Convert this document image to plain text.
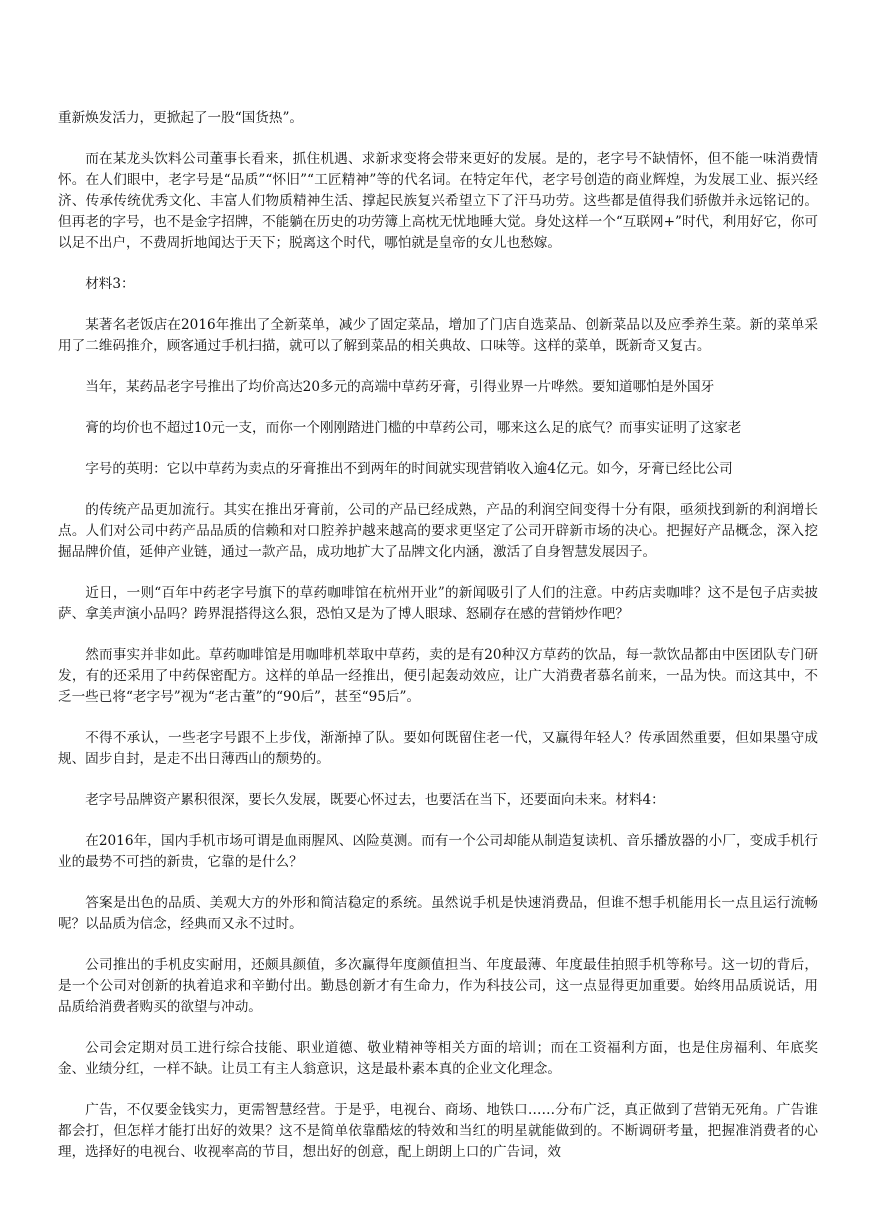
重新焕发活力，更掀起了一股“国货热”。

而在某龙头饮料公司董事长看来，抓住机遇、求新求变将会带来更好的发展。是的，老字号不缺情怀，但不能一味消费情怀。在人们眼中，老字号是“品质”“怀旧”“工匠精神”等的代名词。在特定年代，老字号创造的商业辉煌，为发展工业、振兴经济、传承传统优秀文化、丰富人们物质精神生活、撑起民族复兴希望立下了汗马功劳。这些都是值得我们骄傲并永远铭记的。但再老的字号，也不是金字招牌，不能躺在历史的功劳簿上高枕无忧地睡大觉。身处这样一个“互联网+”时代，利用好它，你可以足不出户，不费周折地闻达于天下；脱离这个时代，哪怕就是皇帝的女儿也愁嫁。

材料3：

某著名老饭店在2016年推出了全新菜单，减少了固定菜品，增加了门店自选菜品、创新菜品以及应季养生菜。新的菜单采用了二维码推介，顾客通过手机扫描，就可以了解到菜品的相关典故、口味等。这样的菜单，既新奇又复古。

当年，某药品老字号推出了均价高达20多元的高端中草药牙膏，引得业界一片哗然。要知道哪怕是外国牙

膏的均价也不超过10元一支，而你一个刚刚踏进门槛的中草药公司，哪来这么足的底气？而事实证明了这家老

字号的英明：它以中草药为卖点的牙膏推出不到两年的时间就实现营销收入逾4亿元。如今，牙膏已经比公司

的传统产品更加流行。其实在推出牙膏前，公司的产品已经成熟，产品的利润空间变得十分有限，亟须找到新的利润增长点。人们对公司中药产品品质的信赖和对口腔养护越来越高的要求更坚定了公司开辟新市场的决心。把握好产品概念，深入挖掘品牌价值，延伸产业链，通过一款产品，成功地扩大了品牌文化内涵，激活了自身智慧发展因子。

近日，一则“百年中药老字号旗下的草药咖啡馆在杭州开业”的新闻吸引了人们的注意。中药店卖咖啡？这不是包子店卖披萨、拿美声演小品吗？跨界混搭得这么狠，恐怕又是为了博人眼球、怒刷存在感的营销炒作吧？

然而事实并非如此。草药咖啡馆是用咖啡机萃取中草药，卖的是有20种汉方草药的饮品，每一款饮品都由中医团队专门研发，有的还采用了中药保密配方。这样的单品一经推出，便引起轰动效应，让广大消费者慕名前来，一品为快。而这其中，不乏一些已将“老字号”视为“老古董”的“90后”，甚至“95后”。

不得不承认，一些老字号跟不上步伐，渐渐掉了队。要如何既留住老一代，又赢得年轻人？传承固然重要，但如果墨守成规、固步自封，是走不出日薄西山的颓势的。

老字号品牌资产累积很深，要长久发展，既要心怀过去，也要活在当下，还要面向未来。材料4：

在2016年，国内手机市场可谓是血雨腥风、凶险莫测。而有一个公司却能从制造复读机、音乐播放器的小厂，变成手机行业的最势不可挡的新贵，它靠的是什么？

答案是出色的品质、美观大方的外形和简洁稳定的系统。虽然说手机是快速消费品，但谁不想手机能用长一点且运行流畅呢？以品质为信念，经典而又永不过时。

公司推出的手机皮实耐用，还颇具颜值，多次赢得年度颜值担当、年度最薄、年度最佳拍照手机等称号。这一切的背后，是一个公司对创新的执着追求和辛勤付出。勤恳创新才有生命力，作为科技公司，这一点显得更加重要。始终用品质说话，用品质给消费者购买的欲望与冲动。

公司会定期对员工进行综合技能、职业道德、敬业精神等相关方面的培训；而在工资福利方面，也是住房福利、年底奖金、业绩分红，一样不缺。让员工有主人翁意识，这是最朴素本真的企业文化理念。

广告，不仅要金钱实力，更需智慧经营。于是乎，电视台、商场、地铁口……分布广泛，真正做到了营销无死角。广告谁都会打，但怎样才能打出好的效果？这不是简单依靠酷炫的特效和当红的明星就能做到的。不断调研考量，把握准消费者的心理，选择好的电视台、收视率高的节目，想出好的创意，配上朗朗上口的广告词，效
